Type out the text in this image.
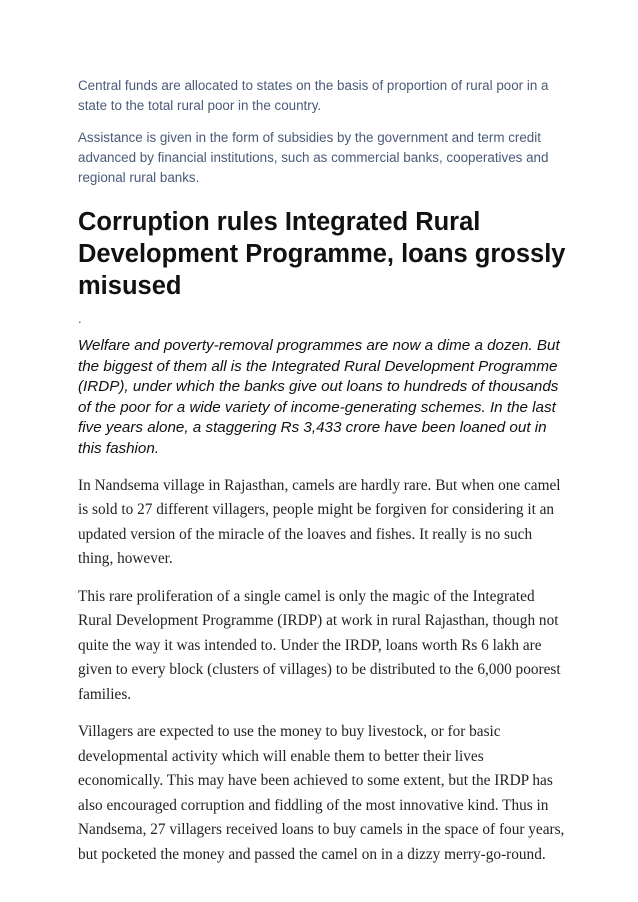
Central funds are allocated to states on the basis of proportion of rural poor in a state to the total rural poor in the country.

Assistance is given in the form of subsidies by the government and term credit advanced by financial institutions, such as commercial banks, cooperatives and regional rural banks.

Corruption rules Integrated Rural Development Programme, loans grossly misused
.

Welfare and poverty-removal programmes are now a dime a dozen. But the biggest of them all is the Integrated Rural Development Programme (IRDP), under which the banks give out loans to hundreds of thousands of the poor for a wide variety of income-generating schemes. In the last five years alone, a staggering Rs 3,433 crore have been loaned out in this fashion.

In Nandsema village in Rajasthan, camels are hardly rare. But when one camel is sold to 27 different villagers, people might be forgiven for considering it an updated version of the miracle of the loaves and fishes. It really is no such thing, however.

This rare proliferation of a single camel is only the magic of the Integrated Rural Development Programme (IRDP) at work in rural Rajasthan, though not quite the way it was intended to. Under the IRDP, loans worth Rs 6 lakh are given to every block (clusters of villages) to be distributed to the 6,000 poorest families.

Villagers are expected to use the money to buy livestock, or for basic developmental activity which will enable them to better their lives economically. This may have been achieved to some extent, but the IRDP has also encouraged corruption and fiddling of the most innovative kind. Thus in Nandsema, 27 villagers received loans to buy camels in the space of four years, but pocketed the money and passed the camel on in a dizzy merry-go-round.
